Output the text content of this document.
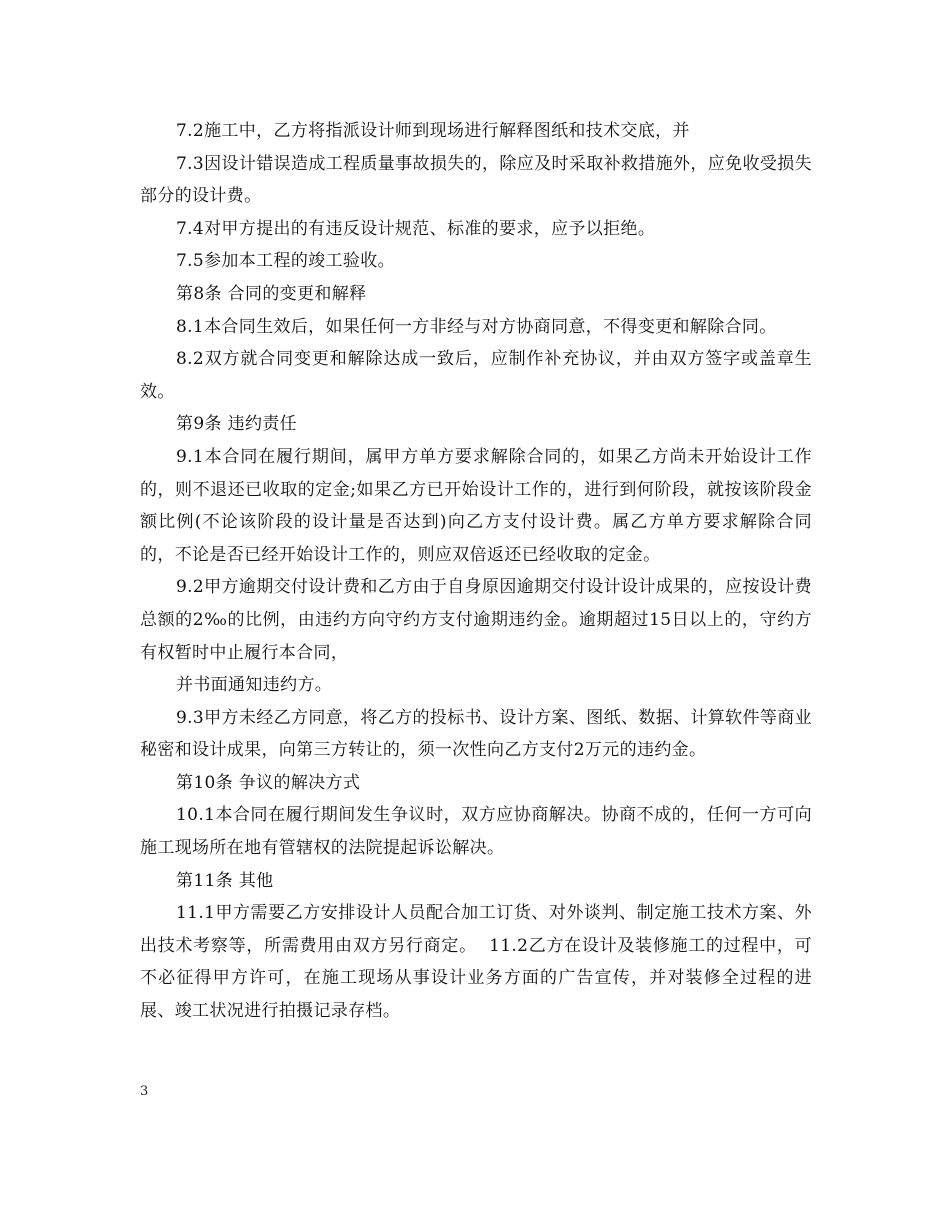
7.2施工中，乙方将指派设计师到现场进行解释图纸和技术交底，并

7.3因设计错误造成工程质量事故损失的，除应及时采取补救措施外，应免收受损失部分的设计费。

7.4对甲方提出的有违反设计规范、标准的要求，应予以拒绝。

7.5参加本工程的竣工验收。

第8条 合同的变更和解释

8.1本合同生效后，如果任何一方非经与对方协商同意，不得变更和解除合同。

8.2双方就合同变更和解除达成一致后，应制作补充协议，并由双方签字或盖章生效。

第9条 违约责任

9.1本合同在履行期间，属甲方单方要求解除合同的，如果乙方尚未开始设计工作的，则不退还已收取的定金;如果乙方已开始设计工作的，进行到何阶段，就按该阶段金额比例(不论该阶段的设计量是否达到)向乙方支付设计费。属乙方单方要求解除合同的，不论是否已经开始设计工作的，则应双倍返还已经收取的定金。

9.2甲方逾期交付设计费和乙方由于自身原因逾期交付设计设计成果的，应按设计费总额的2‰的比例，由违约方向守约方支付逾期违约金。逾期超过15日以上的，守约方有权暂时中止履行本合同，

并书面通知违约方。

9.3甲方未经乙方同意，将乙方的投标书、设计方案、图纸、数据、计算软件等商业秘密和设计成果，向第三方转让的，须一次性向乙方支付2万元的违约金。

第10条 争议的解决方式

10.1本合同在履行期间发生争议时，双方应协商解决。协商不成的，任何一方可向施工现场所在地有管辖权的法院提起诉讼解决。

第11条 其他

11.1甲方需要乙方安排设计人员配合加工订货、对外谈判、制定施工技术方案、外出技术考察等，所需费用由双方另行商定。  11.2乙方在设计及装修施工的过程中，可不必征得甲方许可，在施工现场从事设计业务方面的广告宣传，并对装修全过程的进展、竣工状况进行拍摄记录存档。

3
